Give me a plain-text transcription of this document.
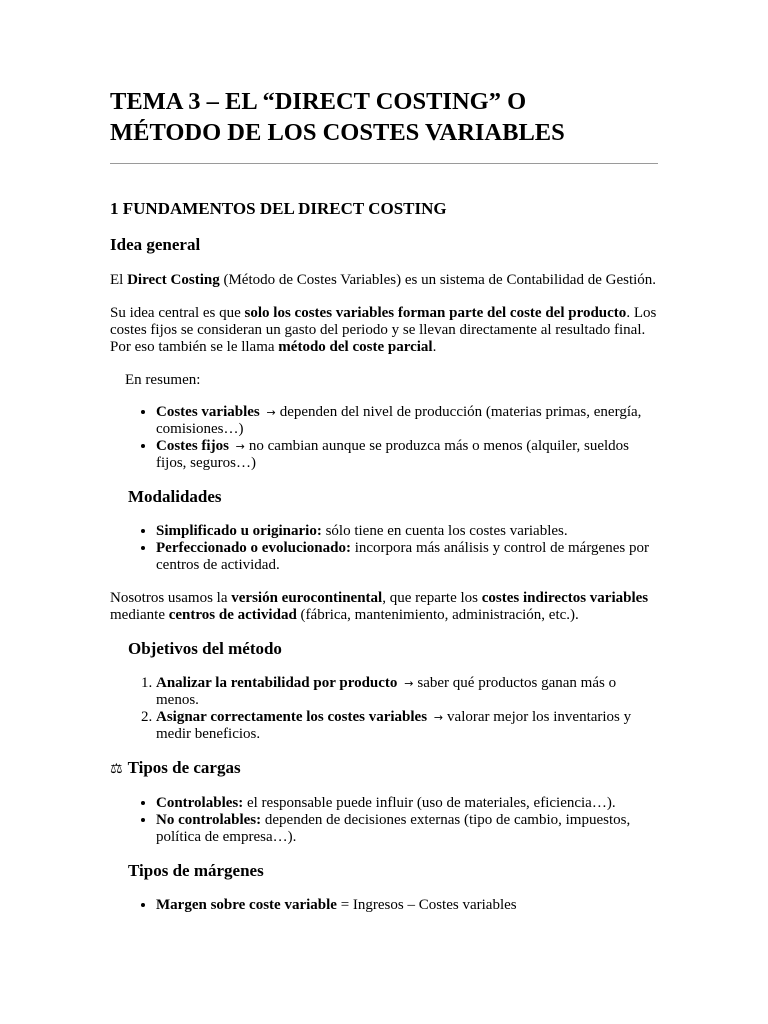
TEMA 3 – EL “DIRECT COSTING” O
MÉTODO DE LOS COSTES VARIABLES
1 FUNDAMENTOS DEL DIRECT COSTING
Idea general

El Direct Costing (Método de Costes Variables) es un sistema de Contabilidad de Gestión.

Su idea central es que solo los costes variables forman parte del coste del producto. Los costes fijos se consideran un gasto del periodo y se llevan directamente al resultado final. Por eso también se le llama método del coste parcial.

En resumen:

• Costes variables → dependen del nivel de producción (materias primas, energía, comisiones…)
• Costes fijos → no cambian aunque se produzca más o menos (alquiler, sueldos fijos, seguros…)
Modalidades
• Simplificado u originario: sólo tiene en cuenta los costes variables.
• Perfeccionado o evolucionado: incorpora más análisis y control de márgenes por centros de actividad.

Nosotros usamos la versión eurocontinental, que reparte los costes indirectos variables mediante centros de actividad (fábrica, mantenimiento, administración, etc.).

Objetivos del método
1. Analizar la rentabilidad por producto → saber qué productos ganan más o menos.
2. Asignar correctamente los costes variables → valorar mejor los inventarios y medir beneficios.
⚖ Tipos de cargas
• Controlables: el responsable puede influir (uso de materiales, eficiencia…).
• No controlables: dependen de decisiones externas (tipo de cambio, impuestos, política de empresa…).
Tipos de márgenes
• Margen sobre coste variable = Ingresos – Costes variables
